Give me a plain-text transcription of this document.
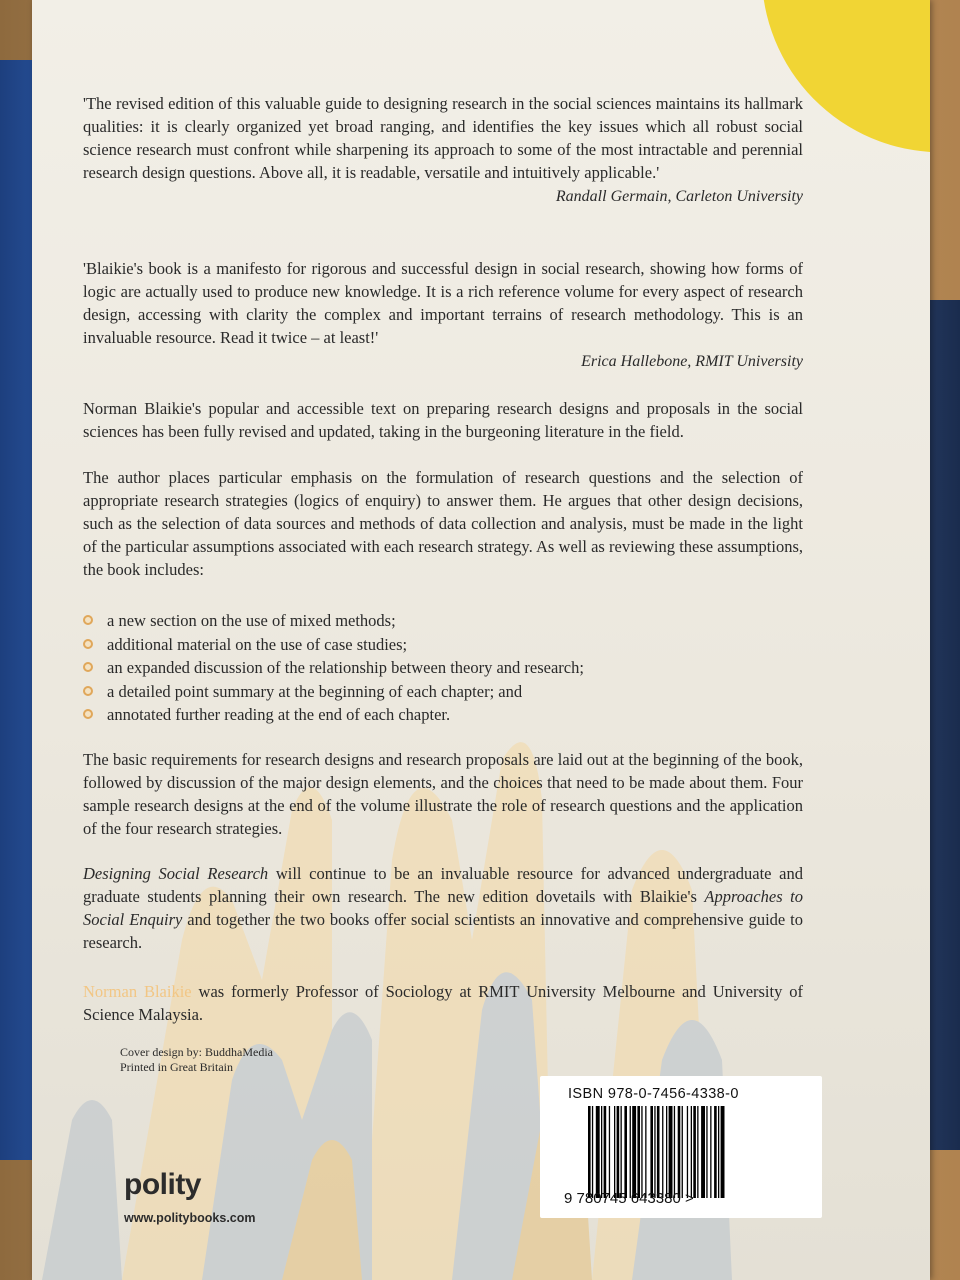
'The revised edition of this valuable guide to designing research in the social sciences maintains its hallmark qualities: it is clearly organized yet broad ranging, and identifies the key issues which all robust social science research must confront while sharpening its approach to some of the most intractable and perennial research design questions. Above all, it is readable, versatile and intuitively applicable.'

Randall Germain, Carleton University

'Blaikie's book is a manifesto for rigorous and successful design in social research, showing how forms of logic are actually used to produce new knowledge. It is a rich reference volume for every aspect of research design, accessing with clarity the complex and important terrains of research methodology. This is an invaluable resource. Read it twice – at least!'

Erica Hallebone, RMIT University

Norman Blaikie's popular and accessible text on preparing research designs and proposals in the social sciences has been fully revised and updated, taking in the burgeoning literature in the field.

The author places particular emphasis on the formulation of research questions and the selection of appropriate research strategies (logics of enquiry) to answer them. He argues that other design decisions, such as the selection of data sources and methods of data collection and analysis, must be made in the light of the particular assumptions associated with each research strategy. As well as reviewing these assumptions, the book includes:

a new section on the use of mixed methods;
additional material on the use of case studies;
an expanded discussion of the relationship between theory and research;
a detailed point summary at the beginning of each chapter; and
annotated further reading at the end of each chapter.

The basic requirements for research designs and research proposals are laid out at the beginning of the book, followed by discussion of the major design elements, and the choices that need to be made about them. Four sample research designs at the end of the volume illustrate the role of research questions and the application of the four research strategies.

Designing Social Research will continue to be an invaluable resource for advanced undergraduate and graduate students planning their own research. The new edition dovetails with Blaikie's Approaches to Social Enquiry and together the two books offer social scientists an innovative and comprehensive guide to research.

Norman Blaikie was formerly Professor of Sociology at RMIT University Melbourne and University of Science Malaysia.

Cover design by: BuddhaMedia
Printed in Great Britain
ISBN 978-0-7456-4338-0
9 780745 643380 >
polity
www.politybooks.com
